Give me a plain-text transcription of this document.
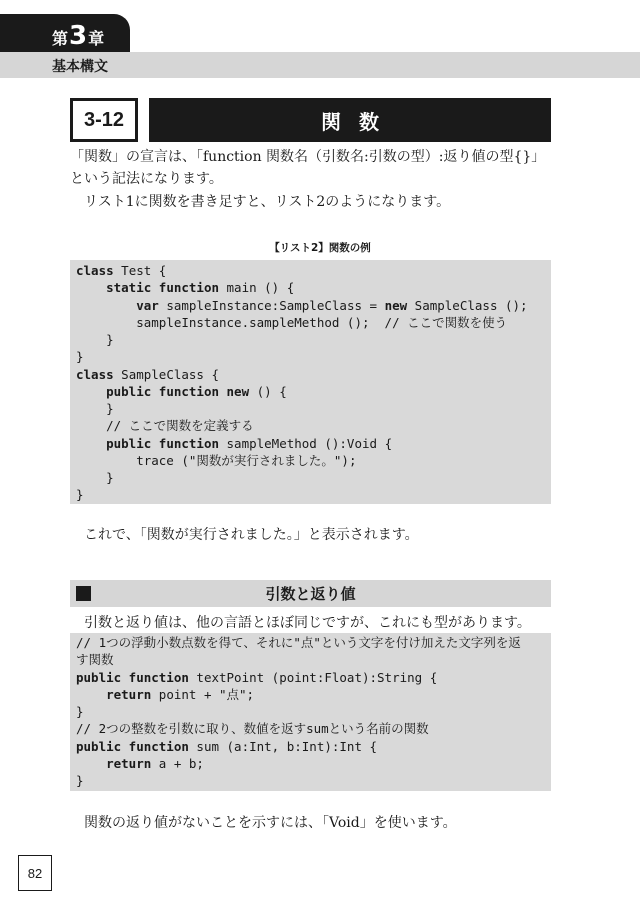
第 3 章
基本構文
3-12	関数
「関数」の宣言は、「function 関数名（引数名:引数の型）:返り値の型{}」
という記法になります。
リスト1に関数を書き足すと、リスト2のようになります。
【リスト2】関数の例
class Test {
static function main () {
var sampleInstance:SampleClass = new SampleClass ();
sampleInstance.sampleMethod ();  // ここで関数を使う
}
}
class SampleClass {
public function new () {
}
// ここで関数を定義する
public function sampleMethod ():Void {
trace ("関数が実行されました。");
}
}
これで、「関数が実行されました。」と表示されます。
引数と返り値
引数と返り値は、他の言語とほぼ同じですが、これにも型があります。
// 1つの浮動小数点数を得て、それに"点"という文字を付け加えた文字列を返
す関数
public function textPoint (point:Float):String {
return point + "点";
}
// 2つの整数を引数に取り、数値を返すsumという名前の関数
public function sum (a:Int, b:Int):Int {
return a + b;
}
関数の返り値がないことを示すには、「Void」を使います。
82
